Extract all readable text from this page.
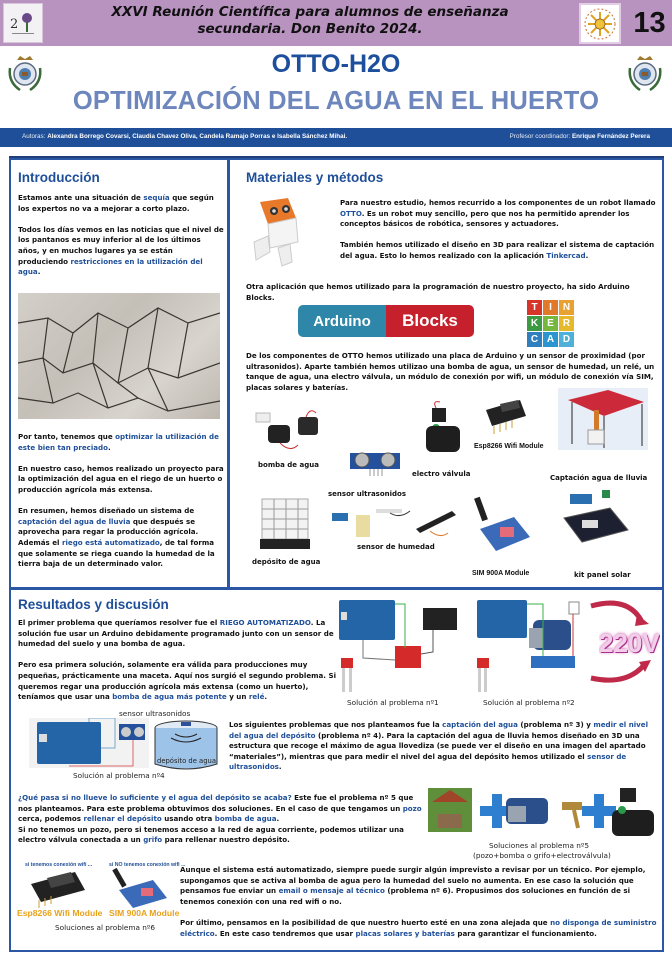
2
XXVI Reunión Científica para alumnos de enseñanza
secundaria. Don Benito 2024.	13
OTTO-H2O
OPTIMIZACIÓN DEL AGUA EN EL HUERTO
Autoras: Alexandra Borrego Covarsi, Claudia Chavez Oliva, Candela Ramajo Porras e Isabella Sánchez Mihai.	Profesor coordinador: Enrique Fernández Perera
Introducción

Estamos ante una situación de sequía que según los expertos no va a mejorar a corto plazo.

Todos los días vemos en las noticias que el nivel de los pantanos es muy inferior al de los últimos años, y en muchos lugares ya se están produciendo restricciones en la utilización del agua.

Por tanto, tenemos que optimizar la utilización de este bien tan preciado.

En nuestro caso, hemos realizado un proyecto para la optimización del agua en el riego de un huerto o producción agrícola más extensa.

En resumen, hemos diseñado un sistema de captación del agua de lluvia que después se aprovecha para regar la producción agrícola. Además el riego está automatizado, de tal forma que solamente se riega cuando la humedad de la tierra baja de un determinado valor.

Materiales y métodos

Para nuestro estudio, hemos recurrido a los componentes de un robot llamado OTTO. Es un robot muy sencillo, pero que nos ha permitido aprender los conceptos básicos de robótica, sensores y actuadores.

También hemos utilizado el diseño en 3D para realizar el sistema de captación del agua. Esto lo hemos realizado con la aplicación Tinkercad.

Otra aplicación que hemos utilizado para la programación de nuestro proyecto, ha sido Arduino Blocks.
Arduino	Blocks
T	I	N
K E R
C A D
De los componentes de OTTO hemos utilizado una placa de Arduino y un sensor de proximidad (por ultrasonidos). Aparte también hemos utilizao una bomba de agua, un sensor de humedad, un relé, un tanque de agua, una electro válvula, un módulo de conexión por wifi, un módulo de conexión vía SIM, placas solares y baterías.
bomba de agua
sensor ultrasonidos
electro válvula
Esp8266 Wifi Module
Captación agua de lluvia
depósito de agua
sensor de humedad
SIM 900A Module	kit panel solar
Resultados y discusión

El primer problema que queríamos resolver fue el RIEGO AUTOMATIZADO. La solución fue usar un Arduino debidamente programado junto con un sensor de humedad del suelo y una bomba de agua.

Pero esa primera solución, solamente era válida para producciones muy pequeñas, prácticamente una maceta. Aquí nos surgió el segundo problema. Si queremos regar una producción agrícola más extensa (como un huerto), teníamos que usar una bomba de agua más potente y un relé.

Solución al problema nº1	Solución al problema nº2
220V
sensor ultrasonidos
depósito de agua
Solución al problema nº4
Los siguientes problemas que nos planteamos fue la captación del agua (problema nº 3) y medir el nivel del agua del depósito (problema nº 4). Para la captación del agua de lluvia hemos diseñado en 3D una estructura que recoge el máximo de agua llovediza (se puede ver el diseño en una imagen del apartado “materiales”), mientras que para medir el nivel del agua del depósito hemos utilizado el sensor de ultrasonidos.
¿Qué pasa si no llueve lo suficiente y el agua del depósito se acaba? Este fue el problema nº 5 que nos planteamos. Para este problema obtuvimos dos soluciones. En el caso de que tengamos un pozo cerca, podemos rellenar el depósito usando otra bomba de agua.
Si no tenemos un pozo, pero si tenemos acceso a la red de agua corriente, podemos utilizar una electro válvula conectada a un grifo para rellenar nuestro depósito.
Soluciones al problema nº5
(pozo+bomba o grifo+electroválvula)
si tenemos conexión wifi ...	si NO tenemos conexión wifi ...
Esp8266 Wifi Module SIM 900A Module
Soluciones al problema nº6

Aunque el sistema está automatizado, siempre puede surgir algún imprevisto a revisar por un técnico. Por ejemplo, supongamos que se activa al bomba de agua pero la humedad del suelo no aumenta. En ese caso la solución que pensamos fue enviar un email o mensaje al técnico (problema nº 6). Propusimos dos soluciones en función de si tenemos conexión con una red wifi o no.

Por último, pensamos en la posibilidad de que nuestro huerto esté en una zona alejada que no disponga de suministro eléctrico. En este caso tendremos que usar placas solares y baterías para garantizar el funcionamiento.
